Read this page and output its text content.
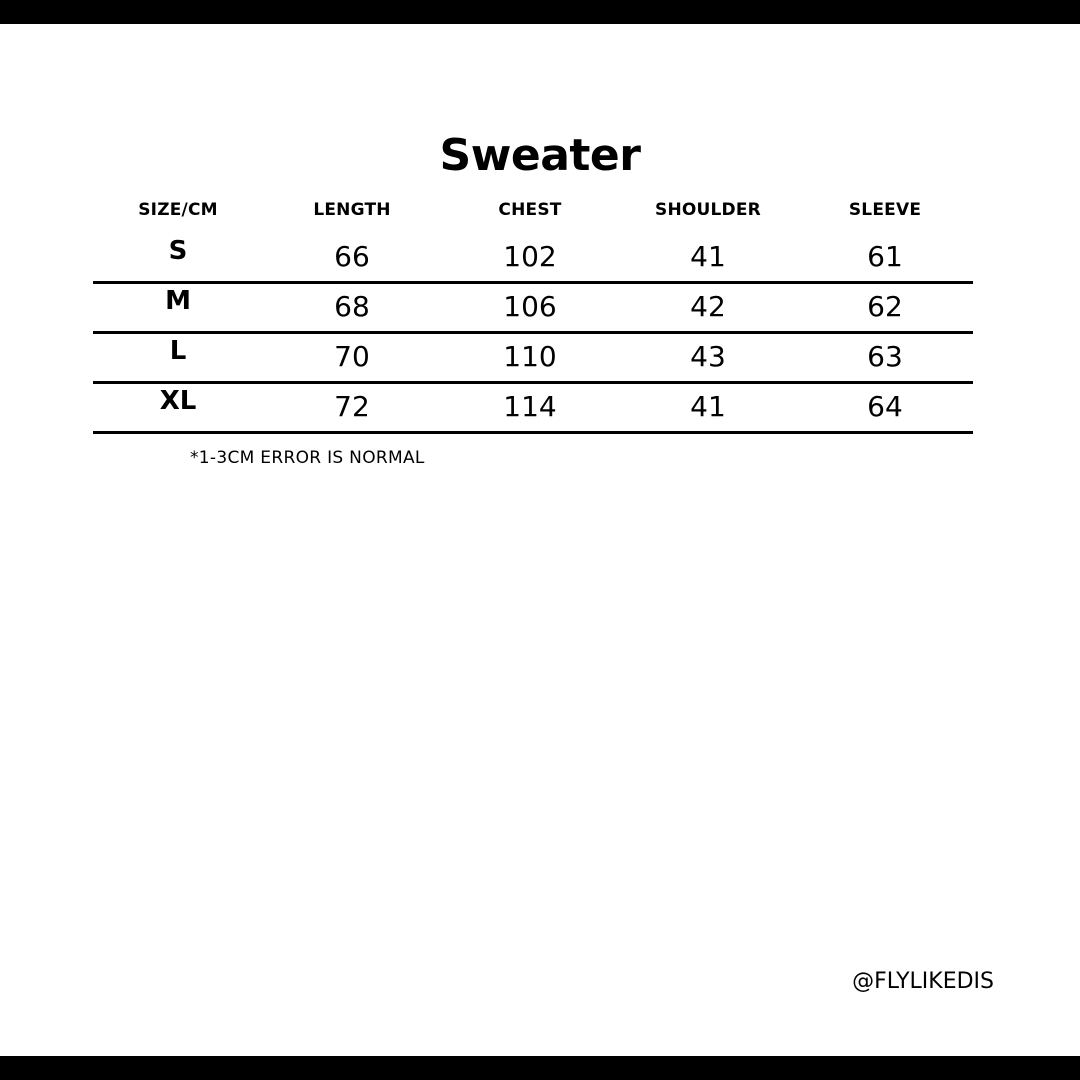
Sweater
SIZE/CM	LENGTH	CHEST	SHOULDER	SLEEVE
S	66	102	41	61
M	68	106	42	62
L	70	110	43	63
XL	72	114	41	64
*1-3CM ERROR IS NORMAL
@FLYLIKEDIS
